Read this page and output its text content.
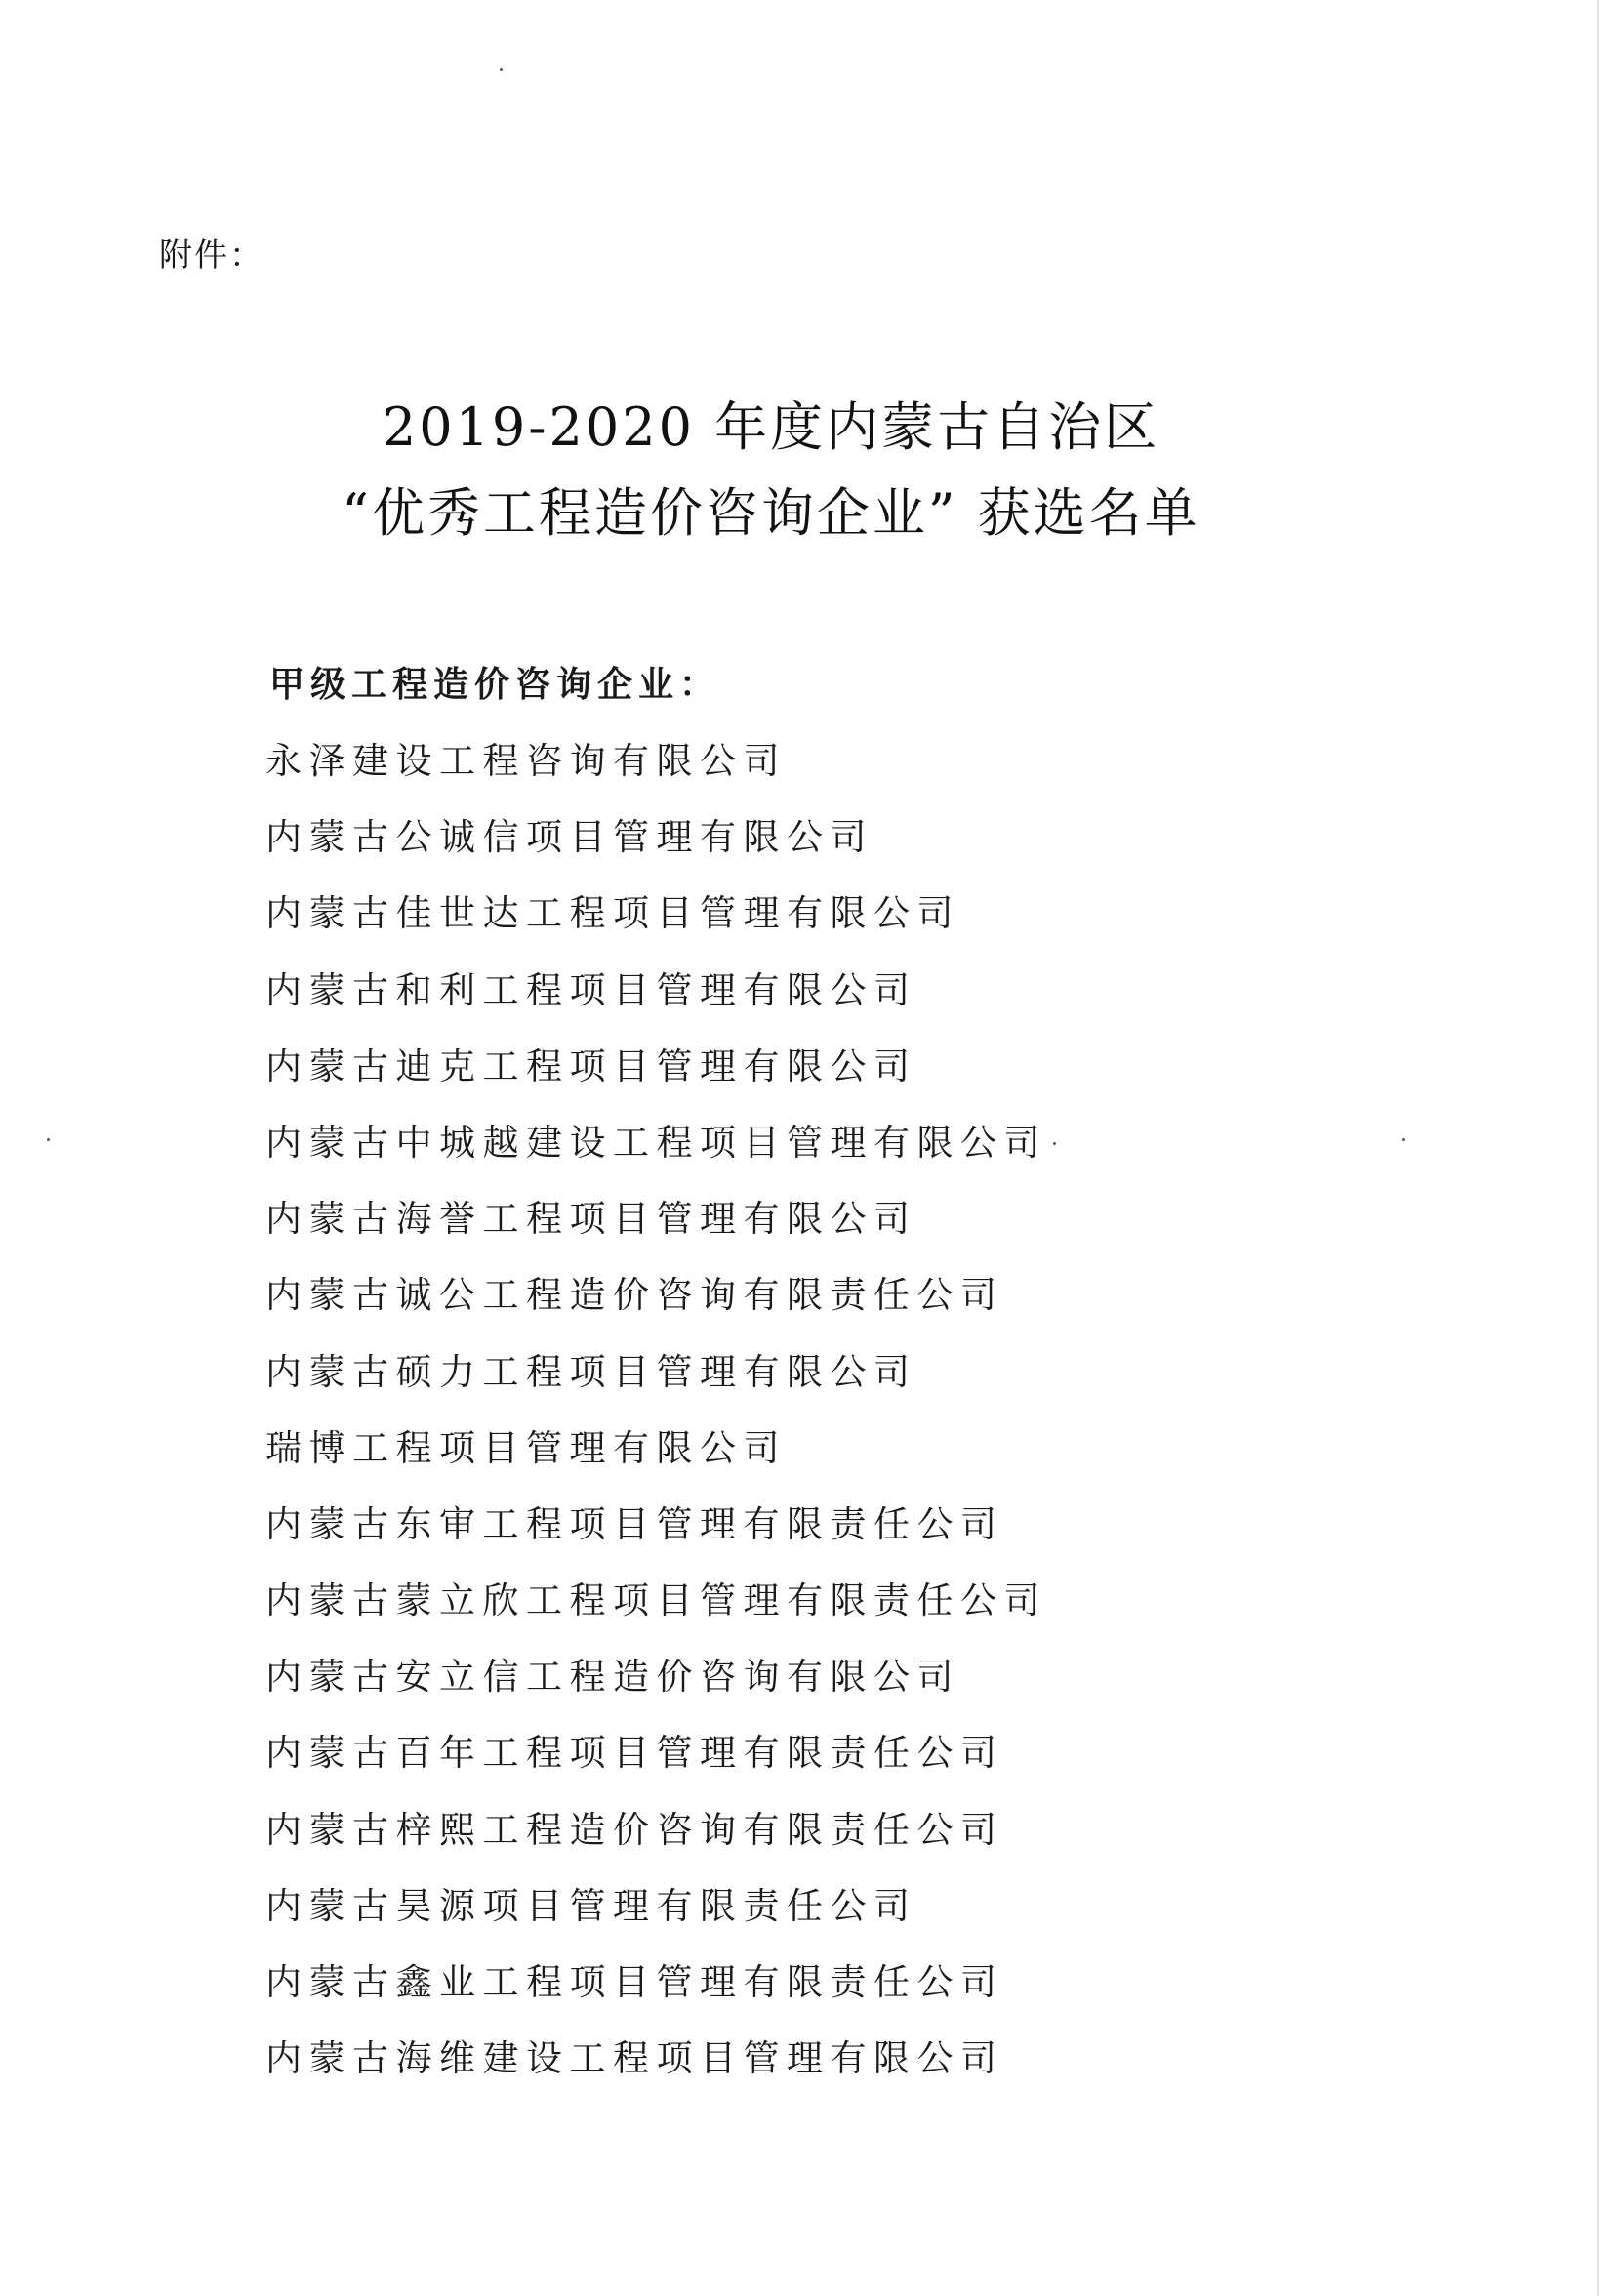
附件：
2019-2020 年度内蒙古自治区
“优秀工程造价咨询企业” 获选名单
甲级工程造价咨询企业：
永泽建设工程咨询有限公司
内蒙古公诚信项目管理有限公司
内蒙古佳世达工程项目管理有限公司
内蒙古和利工程项目管理有限公司
内蒙古迪克工程项目管理有限公司
内蒙古中城越建设工程项目管理有限公司
内蒙古海誉工程项目管理有限公司
内蒙古诚公工程造价咨询有限责任公司
内蒙古硕力工程项目管理有限公司
瑞博工程项目管理有限公司
内蒙古东审工程项目管理有限责任公司
内蒙古蒙立欣工程项目管理有限责任公司
内蒙古安立信工程造价咨询有限公司
内蒙古百年工程项目管理有限责任公司
内蒙古梓熙工程造价咨询有限责任公司
内蒙古昊源项目管理有限责任公司
内蒙古鑫业工程项目管理有限责任公司
内蒙古海维建设工程项目管理有限公司
